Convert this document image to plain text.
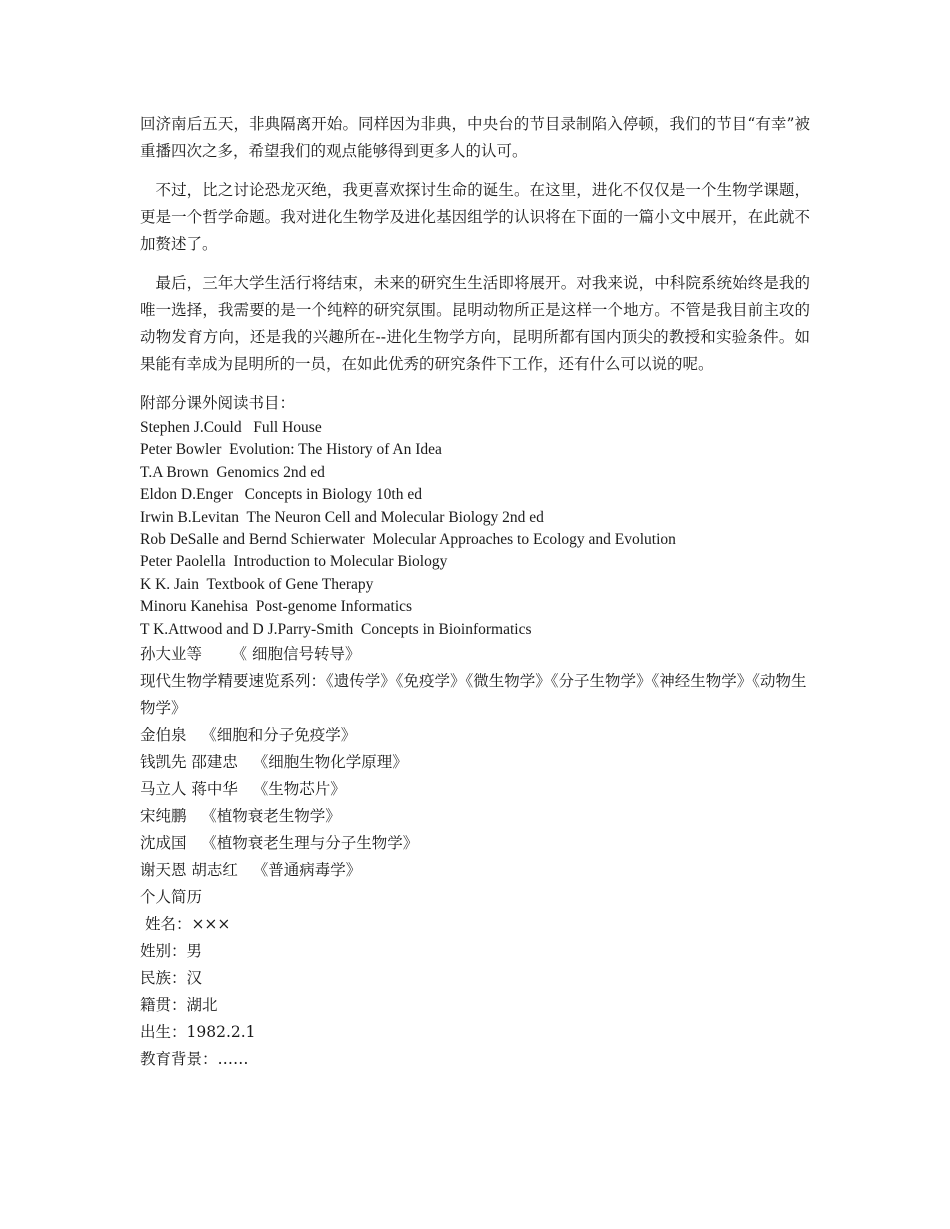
回济南后五天，非典隔离开始。同样因为非典，中央台的节目录制陷入停顿，我们的节目“有幸”被重播四次之多，希望我们的观点能够得到更多人的认可。

不过，比之讨论恐龙灭绝，我更喜欢探讨生命的诞生。在这里，进化不仅仅是一个生物学课题，更是一个哲学命题。我对进化生物学及进化基因组学的认识将在下面的一篇小文中展开，在此就不加赘述了。

最后，三年大学生活行将结束，未来的研究生生活即将展开。对我来说，中科院系统始终是我的唯一选择，我需要的是一个纯粹的研究氛围。昆明动物所正是这样一个地方。不管是我目前主攻的动物发育方向，还是我的兴趣所在--进化生物学方向，昆明所都有国内顶尖的教授和实验条件。如果能有幸成为昆明所的一员，在如此优秀的研究条件下工作，还有什么可以说的呢。

附部分课外阅读书目：
Stephen J.Could   Full House
Peter Bowler  Evolution: The History of An Idea
T.A Brown  Genomics 2nd ed
Eldon D.Enger   Concepts in Biology 10th ed
Irwin B.Levitan  The Neuron Cell and Molecular Biology 2nd ed
Rob DeSalle and Bernd Schierwater  Molecular Approaches to Ecology and Evolution
Peter Paolella  Introduction to Molecular Biology
K K. Jain  Textbook of Gene Therapy
Minoru Kanehisa  Post-genome Informatics
T K.Attwood and D J.Parry-Smith  Concepts in Bioinformatics
孙大业等      《 细胞信号转导》
现代生物学精要速览系列：《遗传学》《免疫学》《微生物学》《分子生物学》《神经生物学》《动物生物学》
金伯泉   《细胞和分子免疫学》
钱凯先 邵建忠   《细胞生物化学原理》
马立人 蒋中华   《生物芯片》
宋纯鹏   《植物衰老生物学》
沈成国   《植物衰老生理与分子生物学》
谢天恩 胡志红   《普通病毒学》
个人简历
姓名：×××
姓别：男
民族：汉
籍贯：湖北
出生：1982.2.1
教育背景：……
